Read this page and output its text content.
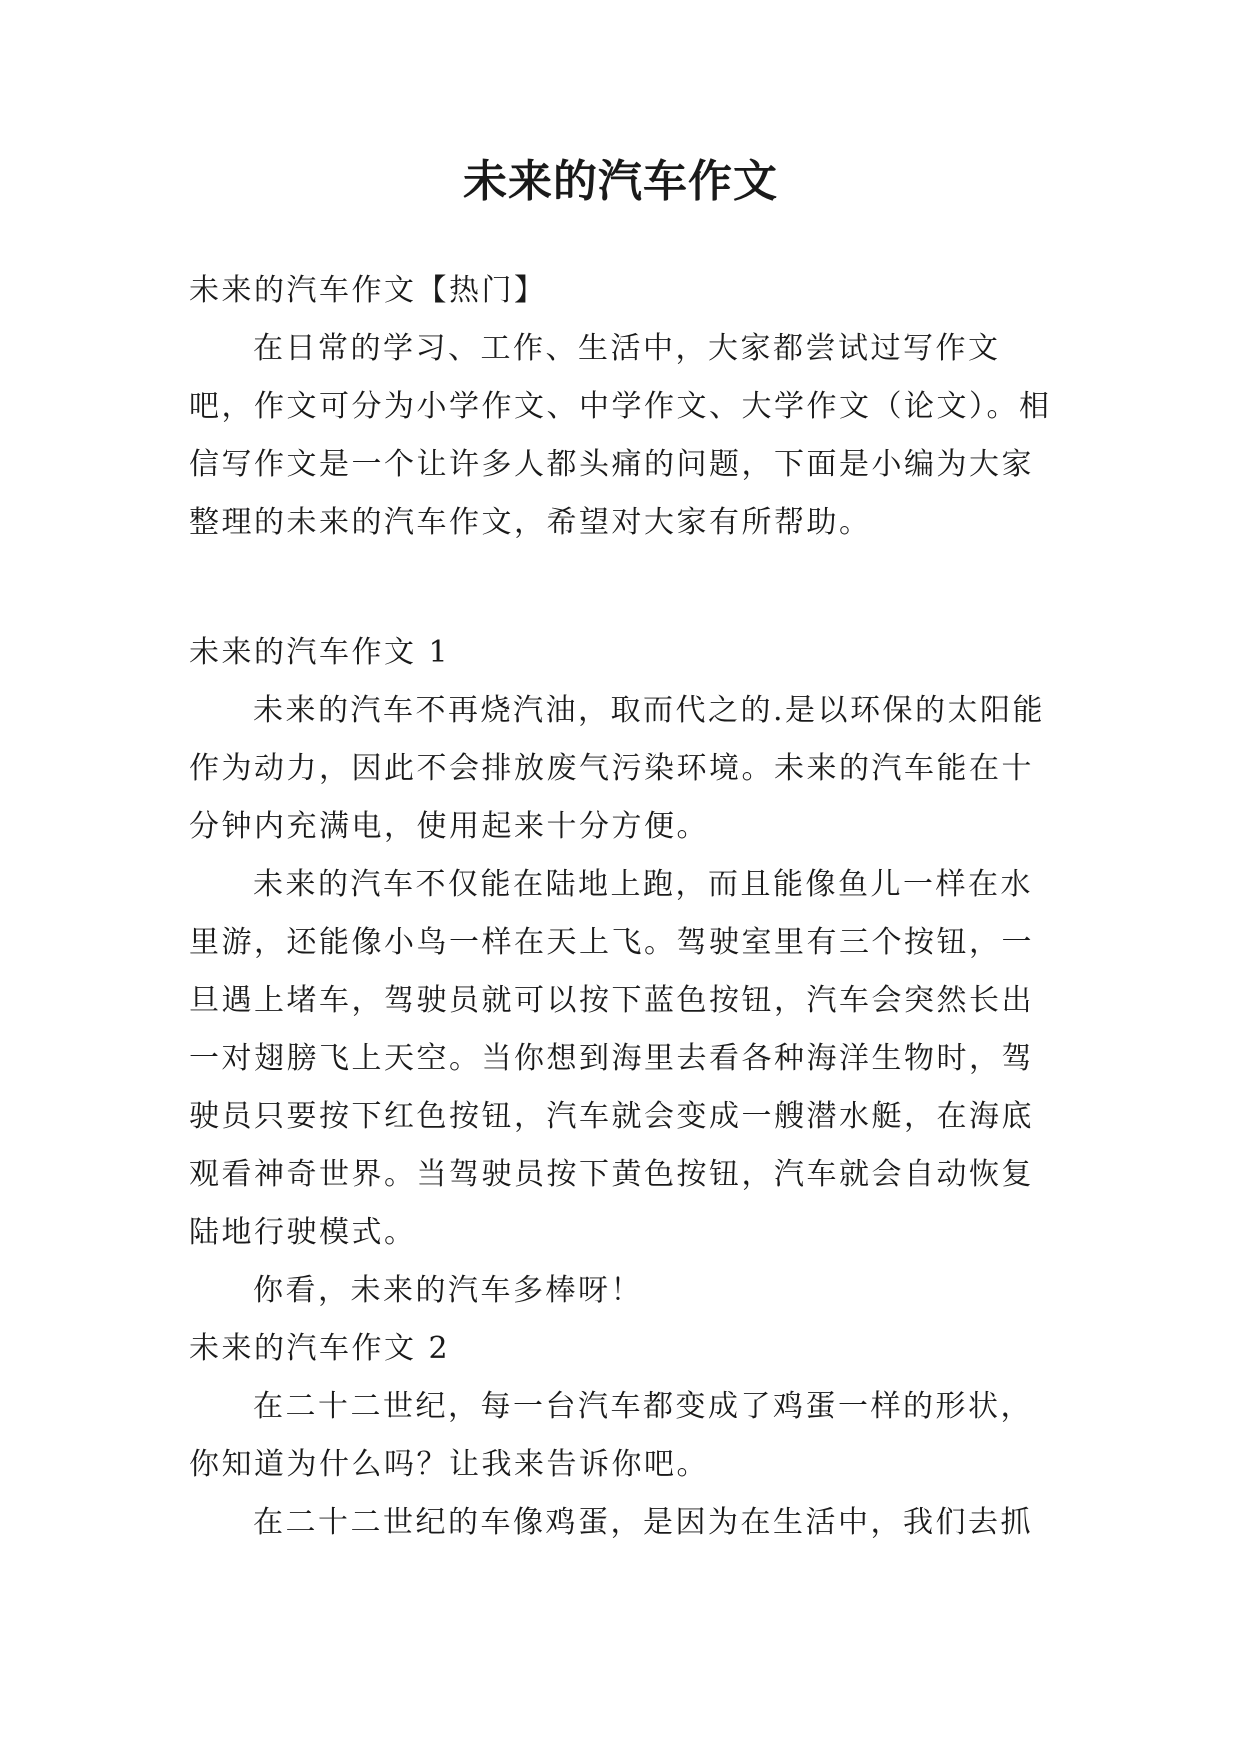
未来的汽车作文

未来的汽车作文【热门】

在日常的学习、工作、生活中，大家都尝试过写作文吧，作文可分为小学作文、中学作文、大学作文（论文）。相信写作文是一个让许多人都头痛的问题，下面是小编为大家整理的未来的汽车作文，希望对大家有所帮助。

未来的汽车作文 1

未来的汽车不再烧汽油，取而代之的.是以环保的太阳能作为动力，因此不会排放废气污染环境。未来的汽车能在十分钟内充满电，使用起来十分方便。

未来的汽车不仅能在陆地上跑，而且能像鱼儿一样在水里游，还能像小鸟一样在天上飞。驾驶室里有三个按钮，一旦遇上堵车，驾驶员就可以按下蓝色按钮，汽车会突然长出一对翅膀飞上天空。当你想到海里去看各种海洋生物时，驾驶员只要按下红色按钮，汽车就会变成一艘潜水艇，在海底观看神奇世界。当驾驶员按下黄色按钮，汽车就会自动恢复陆地行驶模式。

你看，未来的汽车多棒呀！

未来的汽车作文 2

在二十二世纪，每一台汽车都变成了鸡蛋一样的形状，你知道为什么吗？让我来告诉你吧。

在二十二世纪的车像鸡蛋，是因为在生活中，我们去抓
